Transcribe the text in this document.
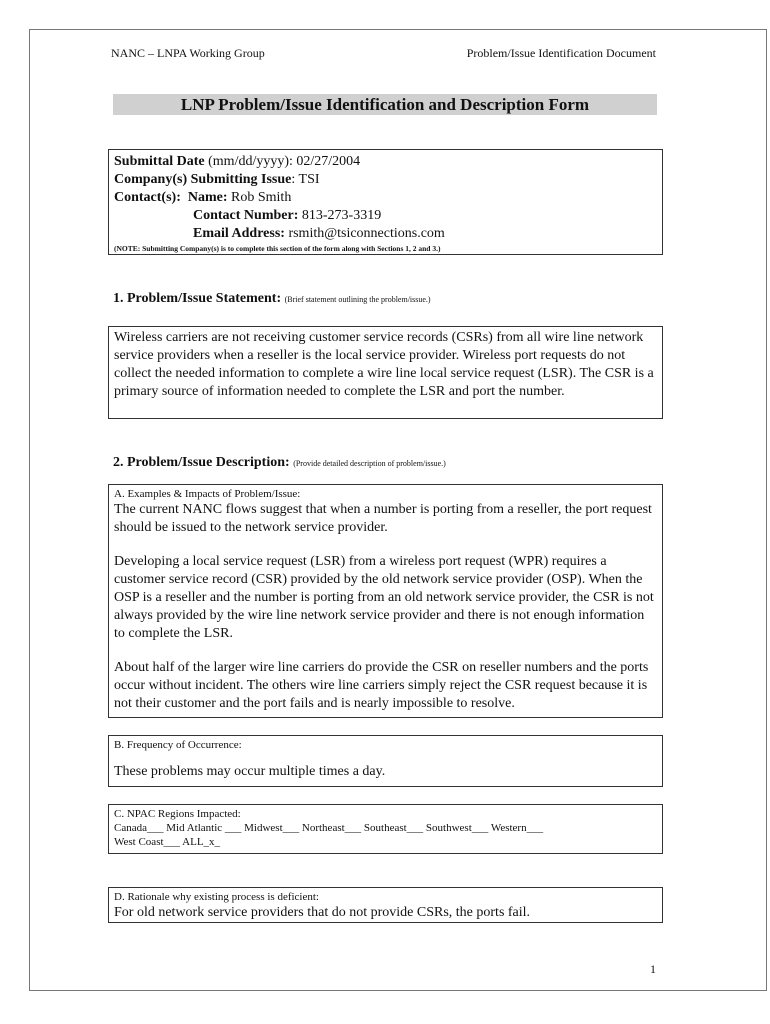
NANC – LNPA Working Group	Problem/Issue Identification Document
LNP Problem/Issue Identification and Description Form
Submittal Date (mm/dd/yyyy): 02/27/2004
Company(s) Submitting Issue: TSI
Contact(s): Name: Rob Smith
Contact Number: 813-273-3319
Email Address: rsmith@tsiconnections.com
(NOTE: Submitting Company(s) is to complete this section of the form along with Sections 1, 2 and 3.)
1. Problem/Issue Statement: (Brief statement outlining the problem/issue.)

Wireless carriers are not receiving customer service records (CSRs) from all wire line network service providers when a reseller is the local service provider. Wireless port requests do not collect the needed information to complete a wire line local service request (LSR). The CSR is a primary source of information needed to complete the LSR and port the number.

2. Problem/Issue Description: (Provide detailed description of problem/issue.)
A. Examples & Impacts of Problem/Issue:

The current NANC flows suggest that when a number is porting from a reseller, the port request should be issued to the network service provider.

Developing a local service request (LSR) from a wireless port request (WPR) requires a customer service record (CSR) provided by the old network service provider (OSP). When the OSP is a reseller and the number is porting from an old network service provider, the CSR is not always provided by the wire line network service provider and there is not enough information to complete the LSR.

About half of the larger wire line carriers do provide the CSR on reseller numbers and the ports occur without incident. The others wire line carriers simply reject the CSR request because it is not their customer and the port fails and is nearly impossible to resolve.

B. Frequency of Occurrence:

These problems may occur multiple times a day.

C. NPAC Regions Impacted:
Canada___ Mid Atlantic ___ Midwest___ Northeast___ Southeast___ Southwest___ Western___
West Coast___ ALL_x_
D. Rationale why existing process is deficient:

For old network service providers that do not provide CSRs, the ports fail.

1
